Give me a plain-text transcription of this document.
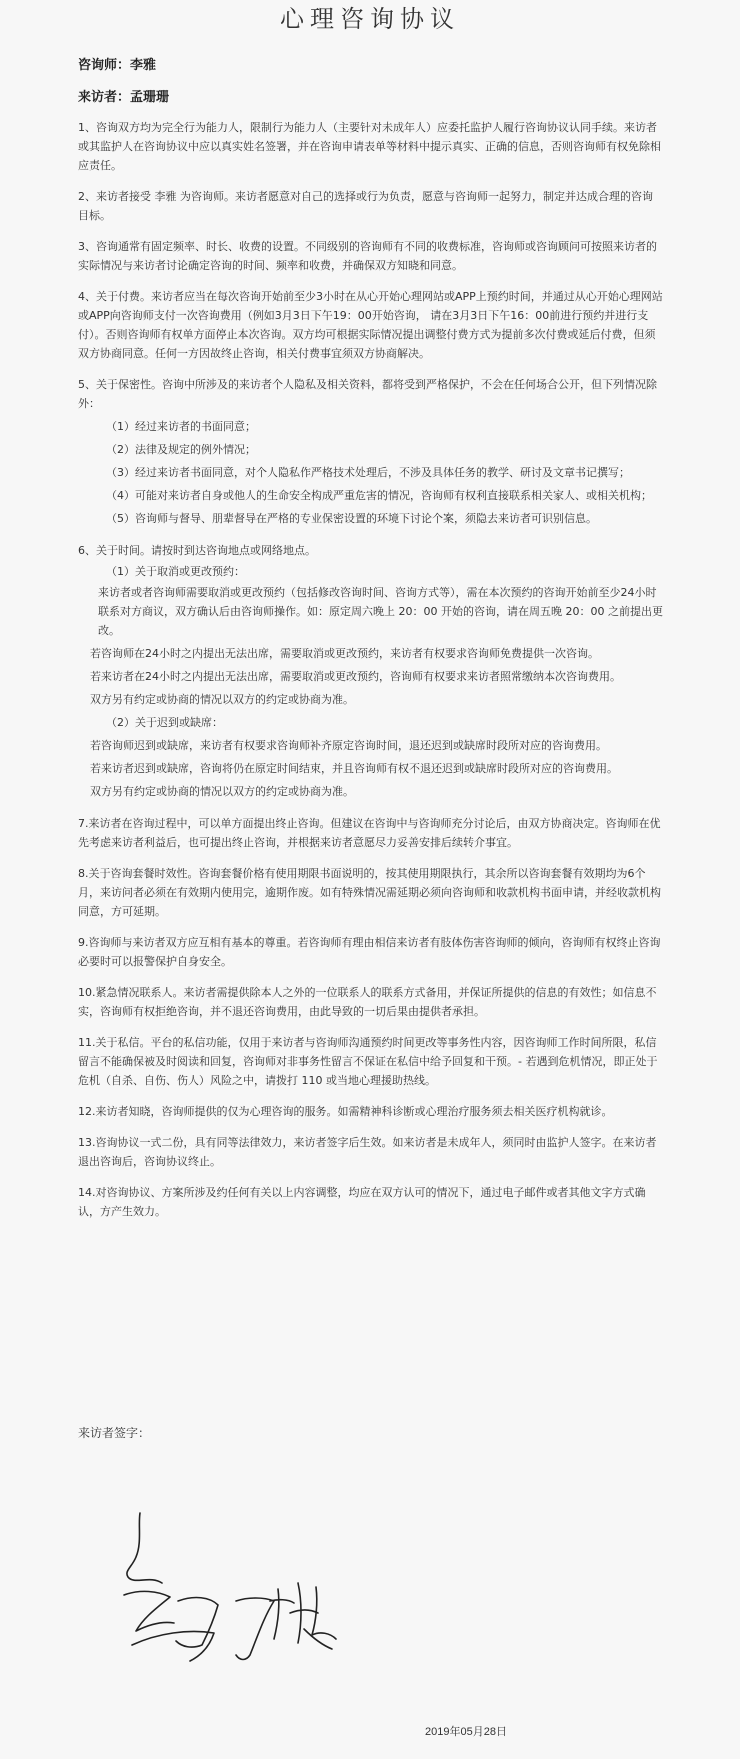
心理咨询协议
咨询师：李雅
来访者：孟珊珊

1、咨询双方均为完全行为能力人，限制行为能力人（主要针对未成年人）应委托监护人履行咨询协议认同手续。来访者或其监护人在咨询协议中应以真实姓名签署，并在咨询申请表单等材料中提示真实、正确的信息，否则咨询师有权免除相应责任。

2、来访者接受 李雅 为咨询师。来访者愿意对自己的选择或行为负责，愿意与咨询师一起努力，制定并达成合理的咨询目标。

3、咨询通常有固定频率、时长、收费的设置。不同级别的咨询师有不同的收费标准，咨询师或咨询顾问可按照来访者的实际情况与来访者讨论确定咨询的时间、频率和收费，并确保双方知晓和同意。

4、关于付费。来访者应当在每次咨询开始前至少3小时在从心开始心理网站或APP上预约时间，并通过从心开始心理网站或APP向咨询师支付一次咨询费用（例如3月3日下午19：00开始咨询， 请在3月3日下午16：00前进行预约并进行支付）。否则咨询师有权单方面停止本次咨询。双方均可根据实际情况提出调整付费方式为提前多次付费或延后付费，但须双方协商同意。任何一方因故终止咨询，相关付费事宜须双方协商解决。

5、关于保密性。咨询中所涉及的来访者个人隐私及相关资料，都将受到严格保护，不会在任何场合公开，但下列情况除外：

（1）经过来访者的书面同意；
（2）法律及规定的例外情况；
（3）经过来访者书面同意，对个人隐私作严格技术处理后，不涉及具体任务的教学、研讨及文章书记撰写；
（4）可能对来访者自身或他人的生命安全构成严重危害的情况，咨询师有权利直接联系相关家人、或相关机构；
（5）咨询师与督导、朋辈督导在严格的专业保密设置的环境下讨论个案，须隐去来访者可识别信息。

6、关于时间。请按时到达咨询地点或网络地点。

（1）关于取消或更改预约：
来访者或者咨询师需要取消或更改预约（包括修改咨询时间、咨询方式等），需在本次预约的咨询开始前至少24小时联系对方商议，双方确认后由咨询师操作。如：原定周六晚上 20：00 开始的咨询，请在周五晚 20：00 之前提出更改。
若咨询师在24小时之内提出无法出席，需要取消或更改预约，来访者有权要求咨询师免费提供一次咨询。
若来访者在24小时之内提出无法出席，需要取消或更改预约，咨询师有权要求来访者照常缴纳本次咨询费用。
双方另有约定或协商的情况以双方的约定或协商为准。
（2）关于迟到或缺席：
若咨询师迟到或缺席，来访者有权要求咨询师补齐原定咨询时间，退还迟到或缺席时段所对应的咨询费用。
若来访者迟到或缺席，咨询将仍在原定时间结束，并且咨询师有权不退还迟到或缺席时段所对应的咨询费用。
双方另有约定或协商的情况以双方的约定或协商为准。

7.来访者在咨询过程中，可以单方面提出终止咨询。但建议在咨询中与咨询师充分讨论后，由双方协商决定。咨询师在优先考虑来访者利益后，也可提出终止咨询，并根据来访者意愿尽力妥善安排后续转介事宜。

8.关于咨询套餐时效性。咨询套餐价格有使用期限书面说明的，按其使用期限执行，其余所以咨询套餐有效期均为6个月，来访问者必须在有效期内使用完，逾期作废。如有特殊情况需延期必须向咨询师和收款机构书面申请，并经收款机构同意，方可延期。

9.咨询师与来访者双方应互相有基本的尊重。若咨询师有理由相信来访者有肢体伤害咨询师的倾向，咨询师有权终止咨询必要时可以报警保护自身安全。

10.紧急情况联系人。来访者需提供除本人之外的一位联系人的联系方式备用，并保证所提供的信息的有效性；如信息不实，咨询师有权拒绝咨询，并不退还咨询费用，由此导致的一切后果由提供者承担。

11.关于私信。平台的私信功能，仅用于来访者与咨询师沟通预约时间更改等事务性内容，因咨询师工作时间所限，私信留言不能确保被及时阅读和回复，咨询师对非事务性留言不保证在私信中给予回复和干预。- 若遇到危机情况，即正处于危机（自杀、自伤、伤人）风险之中，请拨打 110 或当地心理援助热线。

12.来访者知晓，咨询师提供的仅为心理咨询的服务。如需精神科诊断或心理治疗服务须去相关医疗机构就诊。

13.咨询协议一式二份，具有同等法律效力，来访者签字后生效。如来访者是未成年人，须同时由监护人签字。在来访者退出咨询后，咨询协议终止。

14.对咨询协议、方案所涉及约任何有关以上内容调整，均应在双方认可的情况下，通过电子邮件或者其他文字方式确认，方产生效力。

来访者签字：
2019年05月28日
